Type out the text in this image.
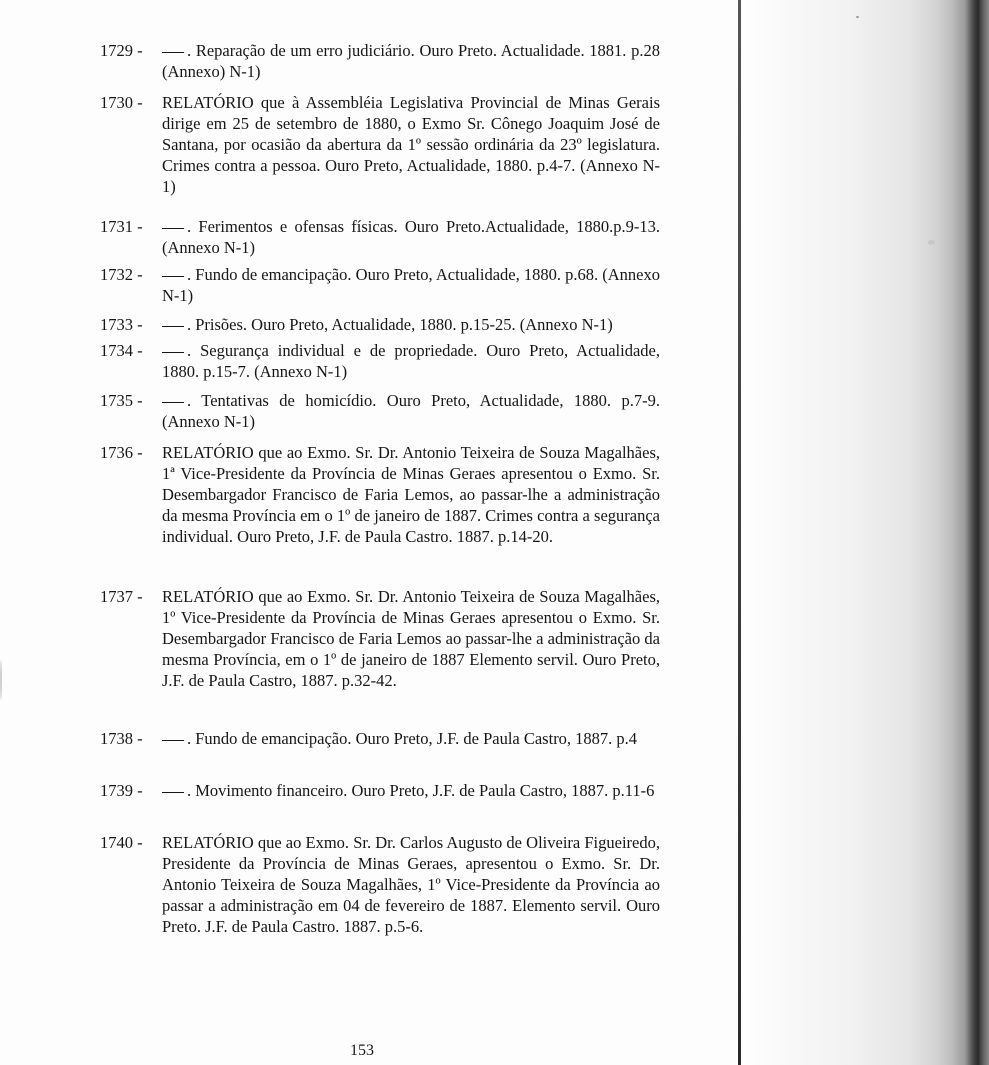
1729 -	. Reparação de um erro judiciário. Ouro Preto. Actualidade. 1881. p.28 (Annexo) N-1)
1730 - RELATÓRIO que à Assembléia Legislativa Provincial de Minas Gerais dirige em 25 de setembro de 1880, o Exmo Sr. Cônego Joaquim José de Santana, por ocasião da abertura da 1º sessão ordinária da 23º legislatura. Crimes contra a pessoa. Ouro Preto, Actualidade, 1880. p.4-7. (Annexo N-1)
1731 -	. Ferimentos e ofensas físicas. Ouro Preto.Actualidade, 1880.p.9-13. (Annexo N-1)
1732 -	. Fundo de emancipação. Ouro Preto, Actualidade, 1880. p.68. (Annexo N-1)
1733 -	. Prisões. Ouro Preto, Actualidade, 1880. p.15-25. (Annexo N-1)
1734 -	. Segurança individual e de propriedade. Ouro Preto, Actualidade, 1880. p.15-7. (Annexo N-1)
1735 -	. Tentativas de homicídio. Ouro Preto, Actualidade, 1880. p.7-9. (Annexo N-1)
1736 - RELATÓRIO que ao Exmo. Sr. Dr. Antonio Teixeira de Souza Magalhães, 1ª Vice-Presidente da Província de Minas Geraes apresentou o Exmo. Sr. Desembargador Francisco de Faria Lemos, ao passar-lhe a administração da mesma Província em o 1º de janeiro de 1887. Crimes contra a segurança individual. Ouro Preto, J.F. de Paula Castro. 1887. p.14-20.
1737 - RELATÓRIO que ao Exmo. Sr. Dr. Antonio Teixeira de Souza Magalhães, 1º Vice-Presidente da Província de Minas Geraes apresentou o Exmo. Sr. Desembargador Francisco de Faria Lemos ao passar-lhe a administração da mesma Província, em o 1º de janeiro de 1887 Elemento servil. Ouro Preto, J.F. de Paula Castro, 1887. p.32-42.
1738 -	. Fundo de emancipação. Ouro Preto, J.F. de Paula Castro, 1887. p.4
1739 -	. Movimento financeiro. Ouro Preto, J.F. de Paula Castro, 1887. p.11-6
1740 - RELATÓRIO que ao Exmo. Sr. Dr. Carlos Augusto de Oliveira Figueiredo, Presidente da Província de Minas Geraes, apresentou o Exmo. Sr. Dr. Antonio Teixeira de Souza Magalhães, 1º Vice-Presidente da Província ao passar a administração em 04 de fevereiro de 1887. Elemento servil. Ouro Preto. J.F. de Paula Castro. 1887. p.5-6.
153
